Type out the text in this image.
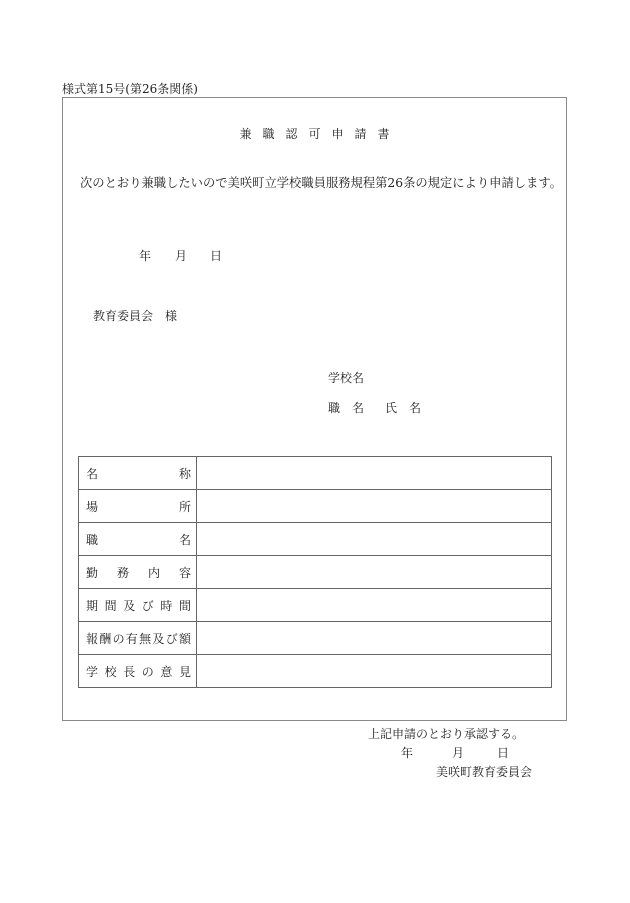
様式第15号(第26条関係)
兼職認可申請書
次のとおり兼職したいので美咲町立学校職員服務規程第26条の規定により申請します。
年 月 日
教育委員会　様
学校名
職　名 氏　名
名 称	

場 所	

職 名	

勤 務 内 容	

期 間 及 び 時 間

報 酬 の 有 無 及 び 額

学 校 長 の 意 見

上記申請のとおり承認する。
年	月	日
美咲町教育委員会
